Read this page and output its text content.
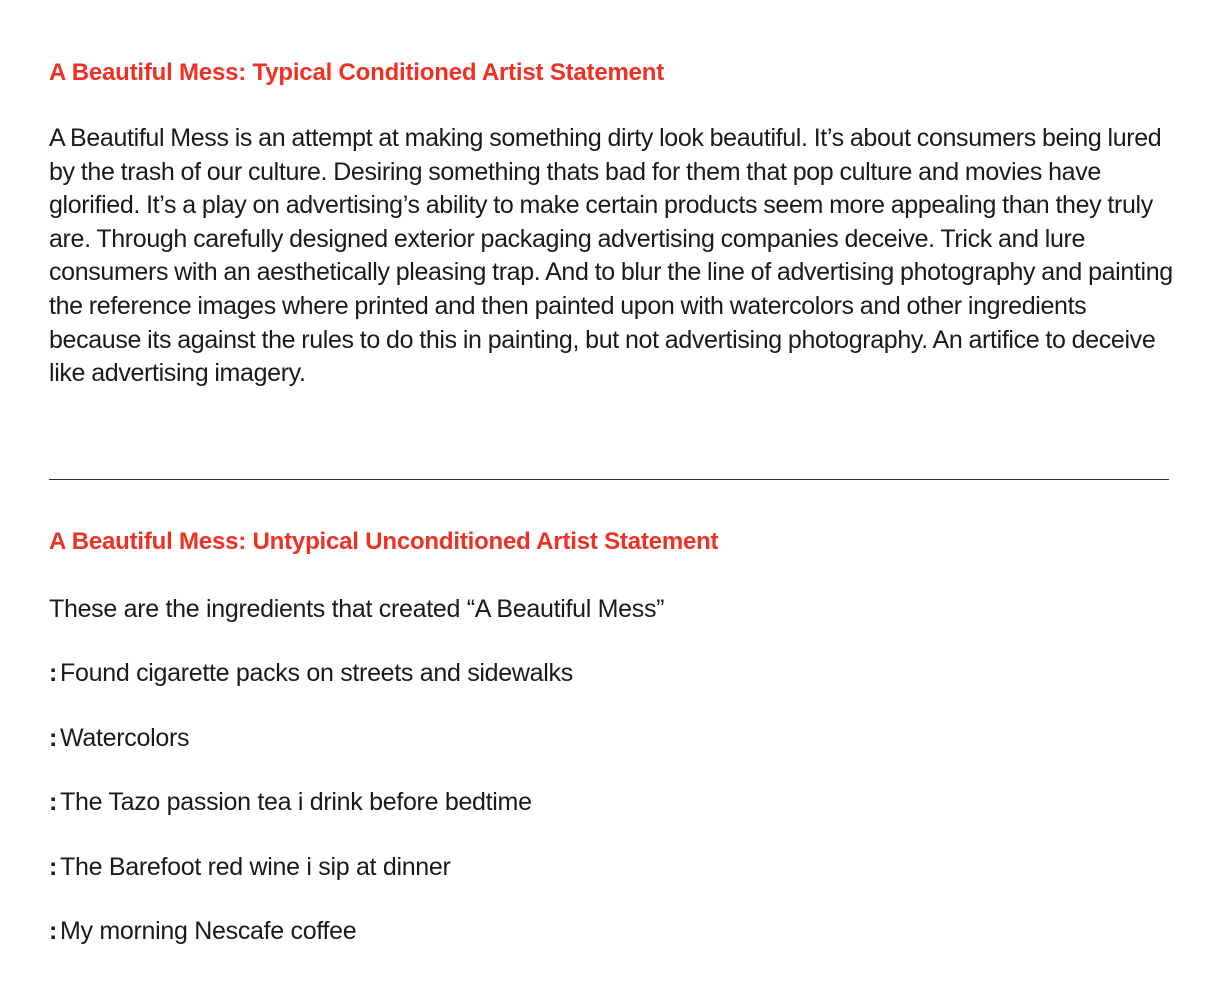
A Beautiful Mess: Typical Conditioned Artist Statement

A Beautiful Mess is an attempt at making something dirty look beautiful. It’s about consumers being lured by the trash of our culture. Desiring something thats bad for them that pop culture and movies have glorified. It’s a play on advertising’s ability to make certain products seem more appealing than they truly are. Through carefully designed exterior packaging advertising companies deceive. Trick and lure consumers with an aesthetically pleasing trap. And to blur the line of advertising photography and painting the reference images where printed and then painted upon with watercolors and other ingredients because its against the rules to do this in painting, but not advertising photography. An artifice to deceive like advertising imagery.

A Beautiful Mess: Untypical Unconditioned Artist Statement
These are the ingredients that created “A Beautiful Mess”
: Found cigarette packs on streets and sidewalks
: Watercolors
: The Tazo passion tea i drink before bedtime
: The Barefoot red wine i sip at dinner
: My morning Nescafe coffee
